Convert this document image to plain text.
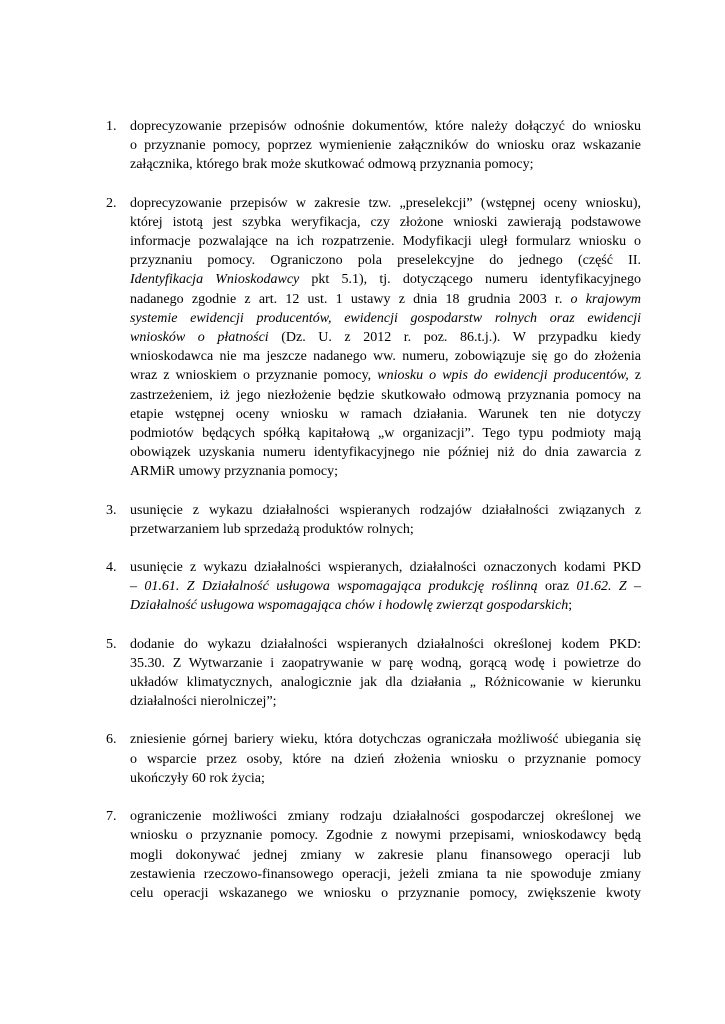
1. doprecyzowanie przepisów odnośnie dokumentów, które należy dołączyć do wniosku
o przyznanie pomocy, poprzez wymienienie załączników do wniosku oraz wskazanie
załącznika, którego brak może skutkować odmową przyznania pomocy;
2. doprecyzowanie przepisów w zakresie tzw. „preselekcji” (wstępnej oceny wniosku),
której istotą jest szybka weryfikacja, czy złożone wnioski zawierają podstawowe
informacje pozwalające na ich rozpatrzenie. Modyfikacji uległ formularz wniosku o
przyznaniu pomocy. Ograniczono pola preselekcyjne do jednego (część II.
Identyfikacja Wnioskodawcy pkt 5.1), tj. dotyczącego numeru identyfikacyjnego
nadanego zgodnie z art. 12 ust. 1 ustawy z dnia 18 grudnia 2003 r. o krajowym
systemie ewidencji producentów, ewidencji gospodarstw rolnych oraz ewidencji
wniosków o płatności (Dz. U. z 2012 r. poz. 86.t.j.). W przypadku kiedy
wnioskodawca nie ma jeszcze nadanego ww. numeru, zobowiązuje się go do złożenia
wraz z wnioskiem o przyznanie pomocy, wniosku o wpis do ewidencji producentów, z
zastrzeżeniem, iż jego niezłożenie będzie skutkowało odmową przyznania pomocy na
etapie wstępnej oceny wniosku w ramach działania. Warunek ten nie dotyczy
podmiotów będących spółką kapitałową „w organizacji”. Tego typu podmioty mają
obowiązek uzyskania numeru identyfikacyjnego nie później niż do dnia zawarcia z
ARMiR umowy przyznania pomocy;
3. usunięcie z wykazu działalności wspieranych rodzajów działalności związanych z
przetwarzaniem lub sprzedażą produktów rolnych;
4. usunięcie z wykazu działalności wspieranych, działalności oznaczonych kodami PKD
– 01.61. Z Działalność usługowa wspomagająca produkcję roślinną oraz 01.62. Z –
Działalność usługowa wspomagająca chów i hodowlę zwierząt gospodarskich;
5. dodanie do wykazu działalności wspieranych działalności określonej kodem PKD:
35.30. Z Wytwarzanie i zaopatrywanie w parę wodną, gorącą wodę i powietrze do
układów klimatycznych, analogicznie jak dla działania „ Różnicowanie w kierunku
działalności nierolniczej”;
6. zniesienie górnej bariery wieku, która dotychczas ograniczała możliwość ubiegania się
o wsparcie przez osoby, które na dzień złożenia wniosku o przyznanie pomocy
ukończyły 60 rok życia;
7. ograniczenie możliwości zmiany rodzaju działalności gospodarczej określonej we
wniosku o przyznanie pomocy. Zgodnie z nowymi przepisami, wnioskodawcy będą
mogli dokonywać jednej zmiany w zakresie planu finansowego operacji lub
zestawienia rzeczowo-finansowego operacji, jeżeli zmiana ta nie spowoduje zmiany
celu operacji wskazanego we wniosku o przyznanie pomocy, zwiększenie kwoty
